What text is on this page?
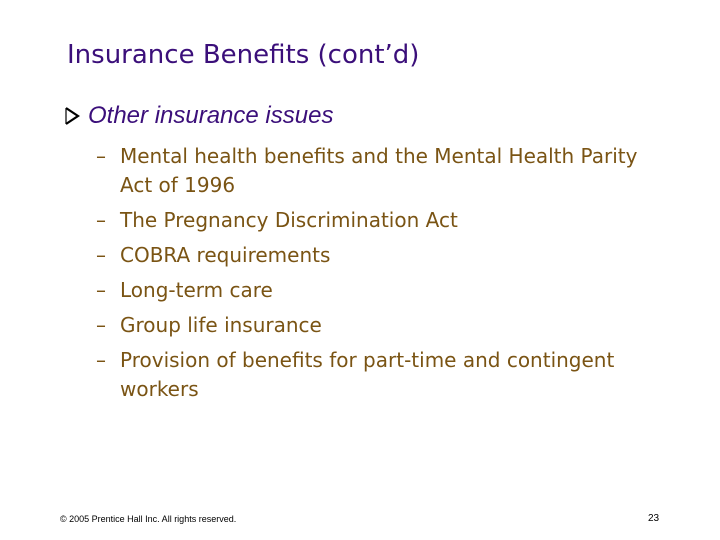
Insurance Benefits (cont’d)
Other insurance issues
– Mental health benefits and the Mental Health Parity Act of 1996
– The Pregnancy Discrimination Act
– COBRA requirements
– Long-term care
– Group life insurance
– Provision of benefits for part-time and contingent workers
© 2005 Prentice Hall Inc. All rights reserved.	23
